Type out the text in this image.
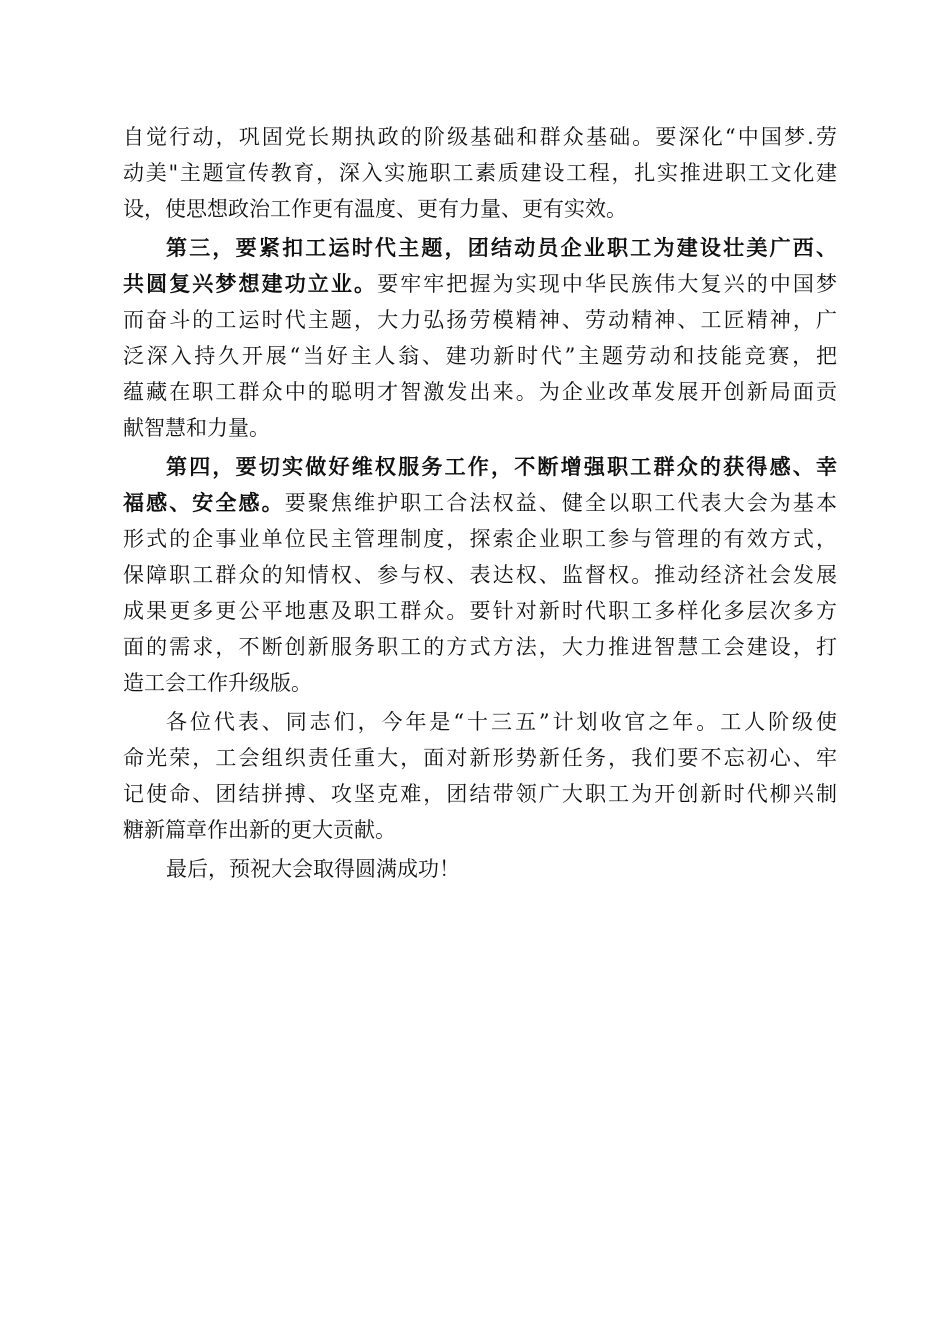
自觉行动，巩固党长期执政的阶级基础和群众基础。要深化“中国梦.劳
动美"主题宣传教育，深入实施职工素质建设工程，扎实推进职工文化建
设，使思想政治工作更有温度、更有力量、更有实效。
第三，要紧扣工运时代主题，团结动员企业职工为建设壮美广西、
共圆复兴梦想建功立业。要牢牢把握为实现中华民族伟大复兴的中国梦
而奋斗的工运时代主题，大力弘扬劳模精神、劳动精神、工匠精神，广
泛深入持久开展“当好主人翁、建功新时代”主题劳动和技能竞赛，把
蕴藏在职工群众中的聪明才智激发出来。为企业改革发展开创新局面贡
献智慧和力量。
第四，要切实做好维权服务工作，不断增强职工群众的获得感、幸
福感、安全感。要聚焦维护职工合法权益、健全以职工代表大会为基本
形式的企事业单位民主管理制度，探索企业职工参与管理的有效方式，
保障职工群众的知情权、参与权、表达权、监督权。推动经济社会发展
成果更多更公平地惠及职工群众。要针对新时代职工多样化多层次多方
面的需求，不断创新服务职工的方式方法，大力推进智慧工会建设，打
造工会工作升级版。
各位代表、同志们，今年是“十三五”计划收官之年。工人阶级使
命光荣，工会组织责任重大，面对新形势新任务，我们要不忘初心、牢
记使命、团结拼搏、攻坚克难，团结带领广大职工为开创新时代柳兴制
糖新篇章作出新的更大贡献。
最后，预祝大会取得圆满成功！
